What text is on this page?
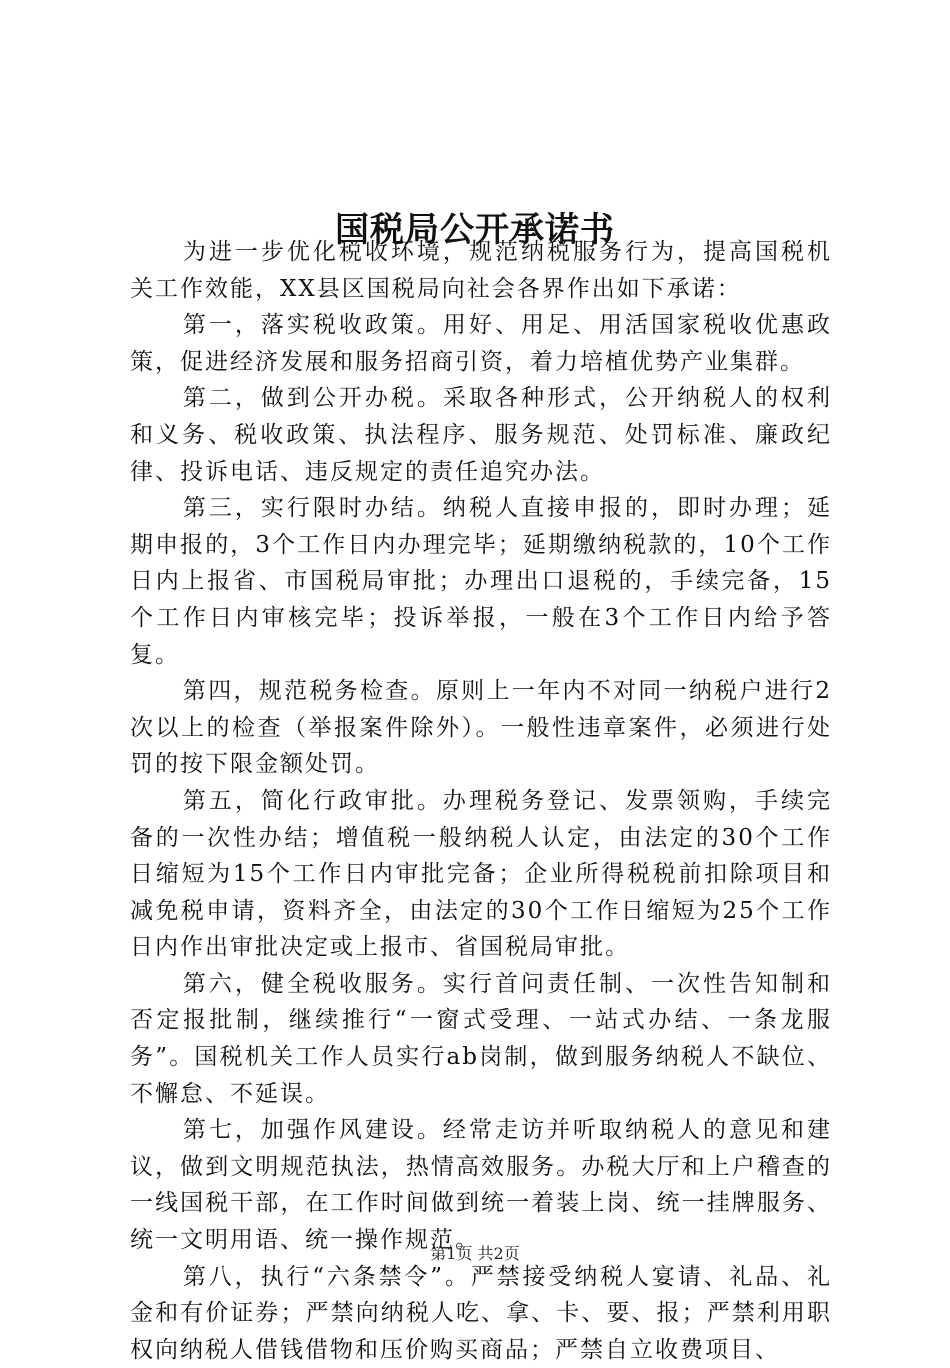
国税局公开承诺书

为进一步优化税收环境，规范纳税服务行为，提高国税机关工作效能，XX县区国税局向社会各界作出如下承诺：

第一，落实税收政策。用好、用足、用活国家税收优惠政策，促进经济发展和服务招商引资，着力培植优势产业集群。

第二，做到公开办税。采取各种形式，公开纳税人的权利和义务、税收政策、执法程序、服务规范、处罚标准、廉政纪律、投诉电话、违反规定的责任追究办法。

第三，实行限时办结。纳税人直接申报的，即时办理；延期申报的，3个工作日内办理完毕；延期缴纳税款的，10个工作日内上报省、市国税局审批；办理出口退税的，手续完备，15个工作日内审核完毕；投诉举报，一般在3个工作日内给予答复。

第四，规范税务检查。原则上一年内不对同一纳税户进行2次以上的检查（举报案件除外）。一般性违章案件，必须进行处罚的按下限金额处罚。

第五，简化行政审批。办理税务登记、发票领购，手续完备的一次性办结；增值税一般纳税人认定，由法定的30个工作日缩短为15个工作日内审批完备；企业所得税税前扣除项目和减免税申请，资料齐全，由法定的30个工作日缩短为25个工作日内作出审批决定或上报市、省国税局审批。

第六，健全税收服务。实行首问责任制、一次性告知制和否定报批制，继续推行“一窗式受理、一站式办结、一条龙服务”。国税机关工作人员实行ab岗制，做到服务纳税人不缺位、不懈怠、不延误。

第七，加强作风建设。经常走访并听取纳税人的意见和建议，做到文明规范执法，热情高效服务。办税大厅和上户稽查的一线国税干部，在工作时间做到统一着装上岗、统一挂牌服务、统一文明用语、统一操作规范。

第八，执行“六条禁令”。严禁接受纳税人宴请、礼品、礼金和有价证券；严禁向纳税人吃、拿、卡、要、报；严禁利用职权向纳税人借钱借物和压价购买商品；严禁自立收费项目、

第1页 共2页
